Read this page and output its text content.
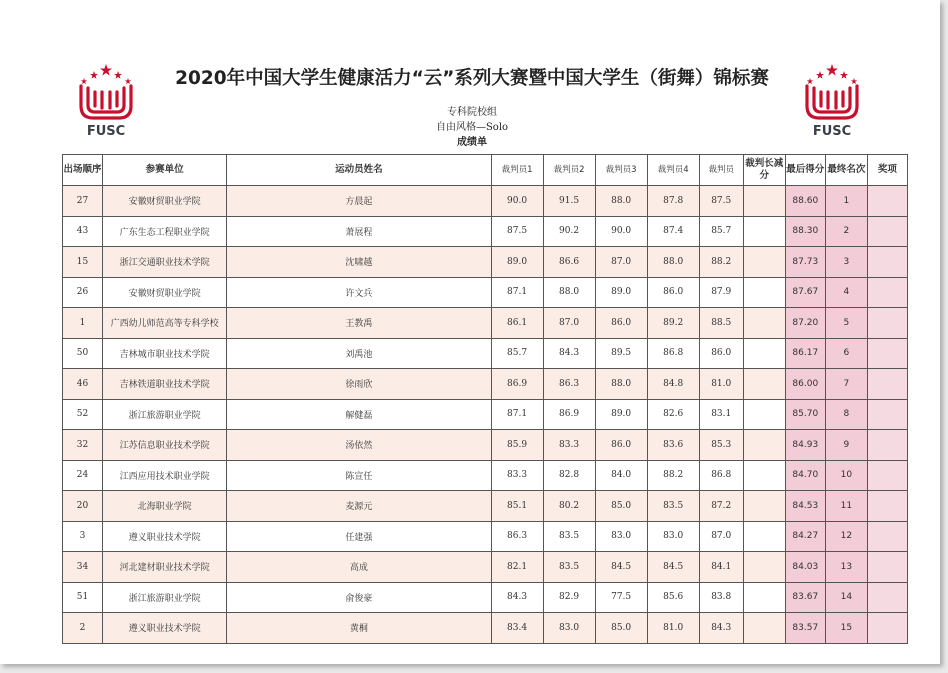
FUSC	FUSC
2020年中国大学生健康活力“云”系列大赛暨中国大学生（街舞）锦标赛
专科院校组
自由风格—Solo
成绩单
出场顺序	参赛单位	运动员姓名	裁判员1	裁判员2	裁判员3	裁判员4	裁判员	裁判长减分	最后得分	最终名次	奖项
27	安徽财贸职业学院	方晨起	90.0	91.5	88.0	87.8	87.5		88.60	1	
43	广东生态工程职业学院	萧展程	87.5	90.2	90.0	87.4	85.7		88.30	2	
15	浙江交通职业技术学院	沈啸越	89.0	86.6	87.0	88.0	88.2		87.73	3	
26	安徽财贸职业学院	许文兵	87.1	88.0	89.0	86.0	87.9		87.67	4	
1	广西幼儿师范高等专科学校	王教禹	86.1	87.0	86.0	89.2	88.5		87.20	5	
50	吉林城市职业技术学院	刘禹池	85.7	84.3	89.5	86.8	86.0		86.17	6	
46	吉林铁道职业技术学院	徐雨欣	86.9	86.3	88.0	84.8	81.0		86.00	7	
52	浙江旅游职业学院	解健磊	87.1	86.9	89.0	82.6	83.1		85.70	8	
32	江苏信息职业技术学院	汤依然	85.9	83.3	86.0	83.6	85.3		84.93	9	
24	江西应用技术职业学院	陈宣任	83.3	82.8	84.0	88.2	86.8		84.70	10	
20	北海职业学院	麦源元	85.1	80.2	85.0	83.5	87.2		84.53	11	
3	遵义职业技术学院	任建强	86.3	83.5	83.0	83.0	87.0		84.27	12	
34	河北建材职业技术学院	高成	82.1	83.5	84.5	84.5	84.1		84.03	13	
51	浙江旅游职业学院	俞俊豪	84.3	82.9	77.5	85.6	83.8		83.67	14	
2	遵义职业技术学院	黄桐	83.4	83.0	85.0	81.0	84.3		83.57	15	
